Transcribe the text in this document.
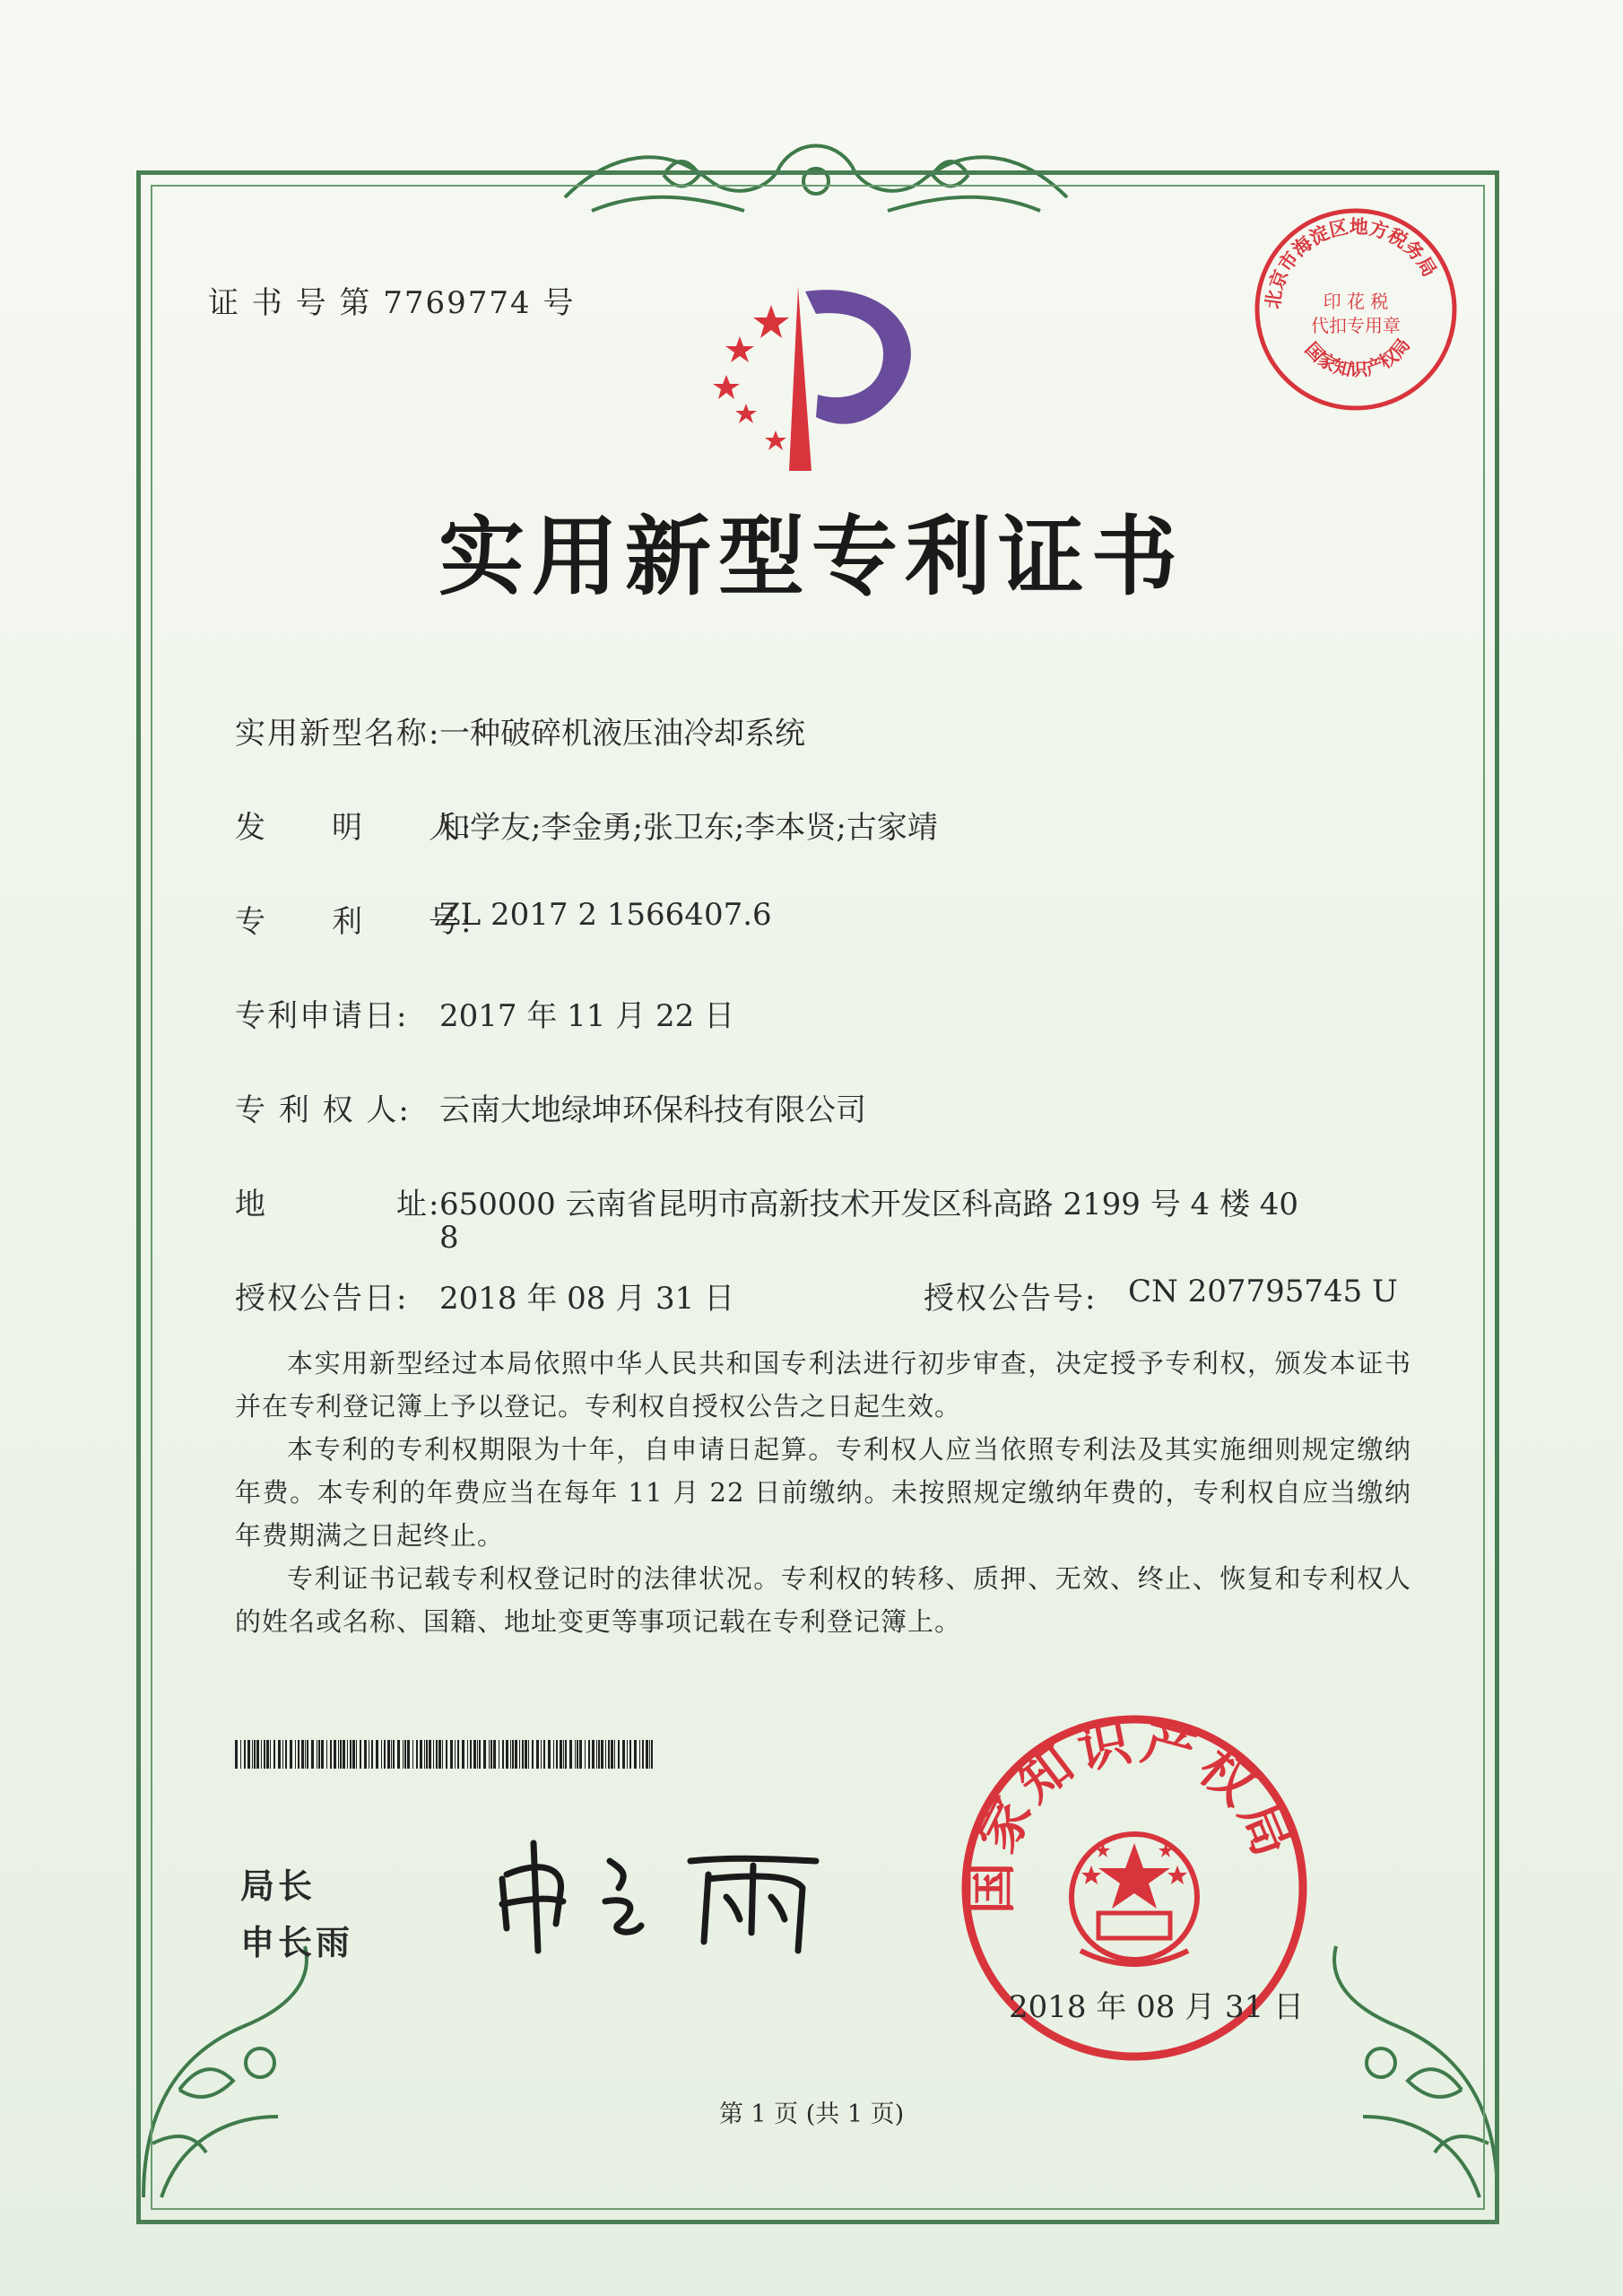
证 书 号 第 7769774 号	北京市海淀区地方税务局
印 花 税
代扣专用章
国家知识产权局
实用新型专利证书
实用新型名称:
一种破碎机液压油冷却系统
发　　明　　人:
和学友;李金勇;张卫东;李本贤;古家靖
专　　利　　号:
ZL 2017 2 1566407.6
专利申请日: 2017 年 11 月 22 日
专 利 权 人: 云南大地绿坤环保科技有限公司
地　　　　址:
650000 云南省昆明市高新技术开发区科高路 2199 号 4 楼 40
8
授权公告日: 2018 年 08 月 31 日	授权公告号: CN 207795745 U

本实用新型经过本局依照中华人民共和国专利法进行初步审查，决定授予专利权，颁发本证书并在专利登记簿上予以登记。专利权自授权公告之日起生效。

本专利的专利权期限为十年，自申请日起算。专利权人应当依照专利法及其实施细则规定缴纳年费。本专利的年费应当在每年 11 月 22 日前缴纳。未按照规定缴纳年费的，专利权自应当缴纳年费期满之日起终止。

专利证书记载专利权登记时的法律状况。专利权的转移、质押、无效、终止、恢复和专利权人的姓名或名称、国籍、地址变更等事项记载在专利登记簿上。

局长
申长雨
国家知识产权局
2018 年 08 月 31 日
第 1 页 (共 1 页)
